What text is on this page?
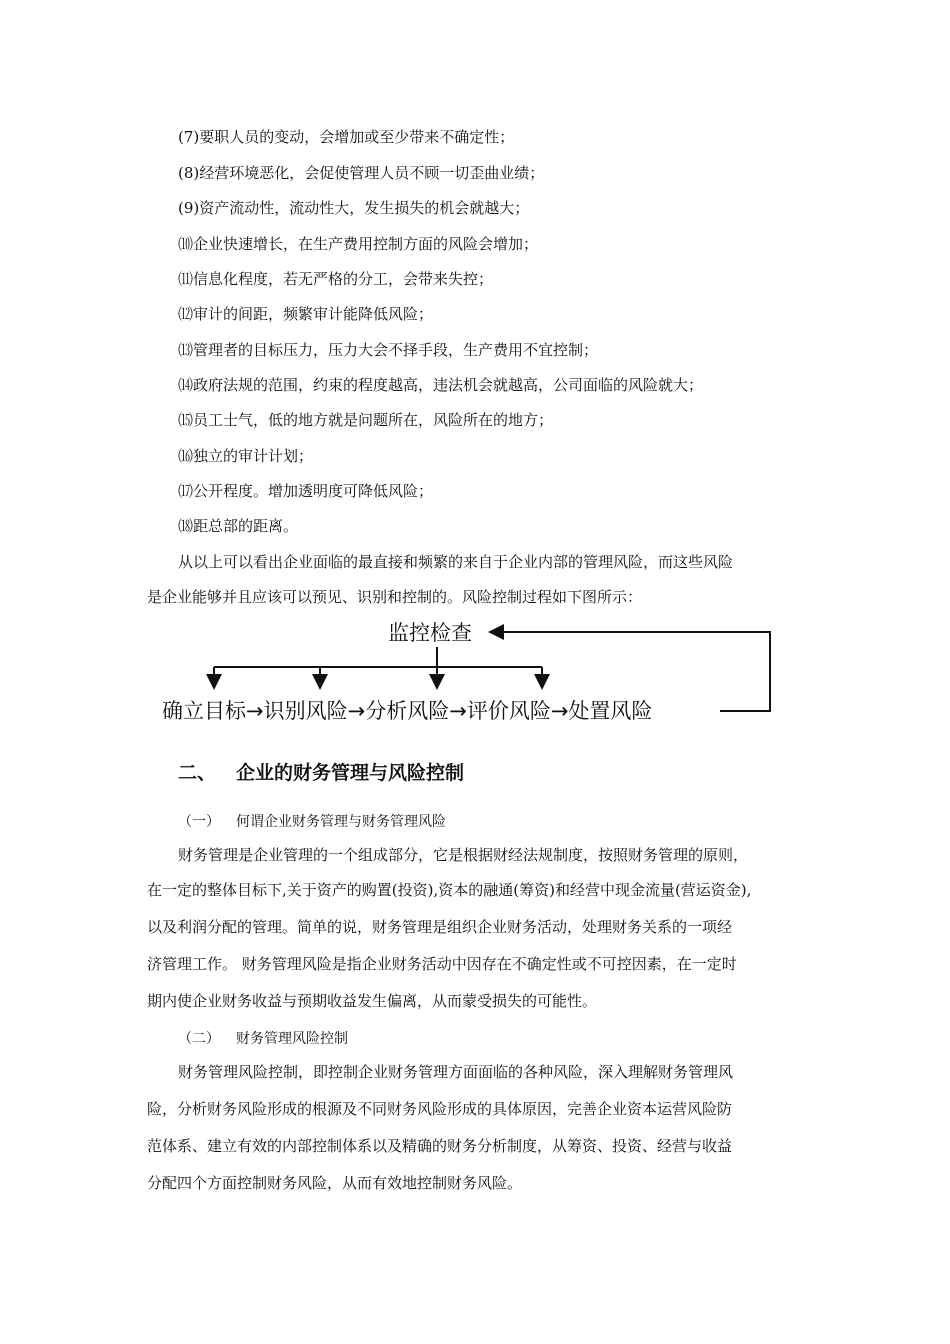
(7)要职人员的变动，会增加或至少带来不确定性；
(8)经营环境恶化，会促使管理人员不顾一切歪曲业绩；
(9)资产流动性，流动性大，发生损失的机会就越大；
⑽企业快速增长，在生产费用控制方面的风险会增加；
⑾信息化程度，若无严格的分工，会带来失控；
⑿审计的间距，频繁审计能降低风险；
⒀管理者的目标压力，压力大会不择手段，生产费用不宜控制；
⒁政府法规的范围，约束的程度越高，违法机会就越高，公司面临的风险就大；
⒂员工士气，低的地方就是问题所在，风险所在的地方；
⒃独立的审计计划；
⒄公开程度。增加透明度可降低风险；
⒅距总部的距离。
从以上可以看出企业面临的最直接和频繁的来自于企业内部的管理风险，而这些风险
是企业能够并且应该可以预见、识别和控制的。风险控制过程如下图所示：
监控检查
确立目标→识别风险→分析风险→评价风险→处置风险
二、 企业的财务管理与风险控制
（一） 何谓企业财务管理与财务管理风险
财务管理是企业管理的一个组成部分，它是根据财经法规制度，按照财务管理的原则，
在一定的整体目标下,关于资产的购置(投资),资本的融通(筹资)和经营中现金流量(营运资金),
以及利润分配的管理。简单的说，财务管理是组织企业财务活动，处理财务关系的一项经
济管理工作。 财务管理风险是指企业财务活动中因存在不确定性或不可控因素，在一定时
期内使企业财务收益与预期收益发生偏离，从而蒙受损失的可能性。
（二） 财务管理风险控制
财务管理风险控制，即控制企业财务管理方面面临的各种风险，深入理解财务管理风
险，分析财务风险形成的根源及不同财务风险形成的具体原因，完善企业资本运营风险防
范体系、建立有效的内部控制体系以及精确的财务分析制度，从筹资、投资、经营与收益
分配四个方面控制财务风险，从而有效地控制财务风险。
